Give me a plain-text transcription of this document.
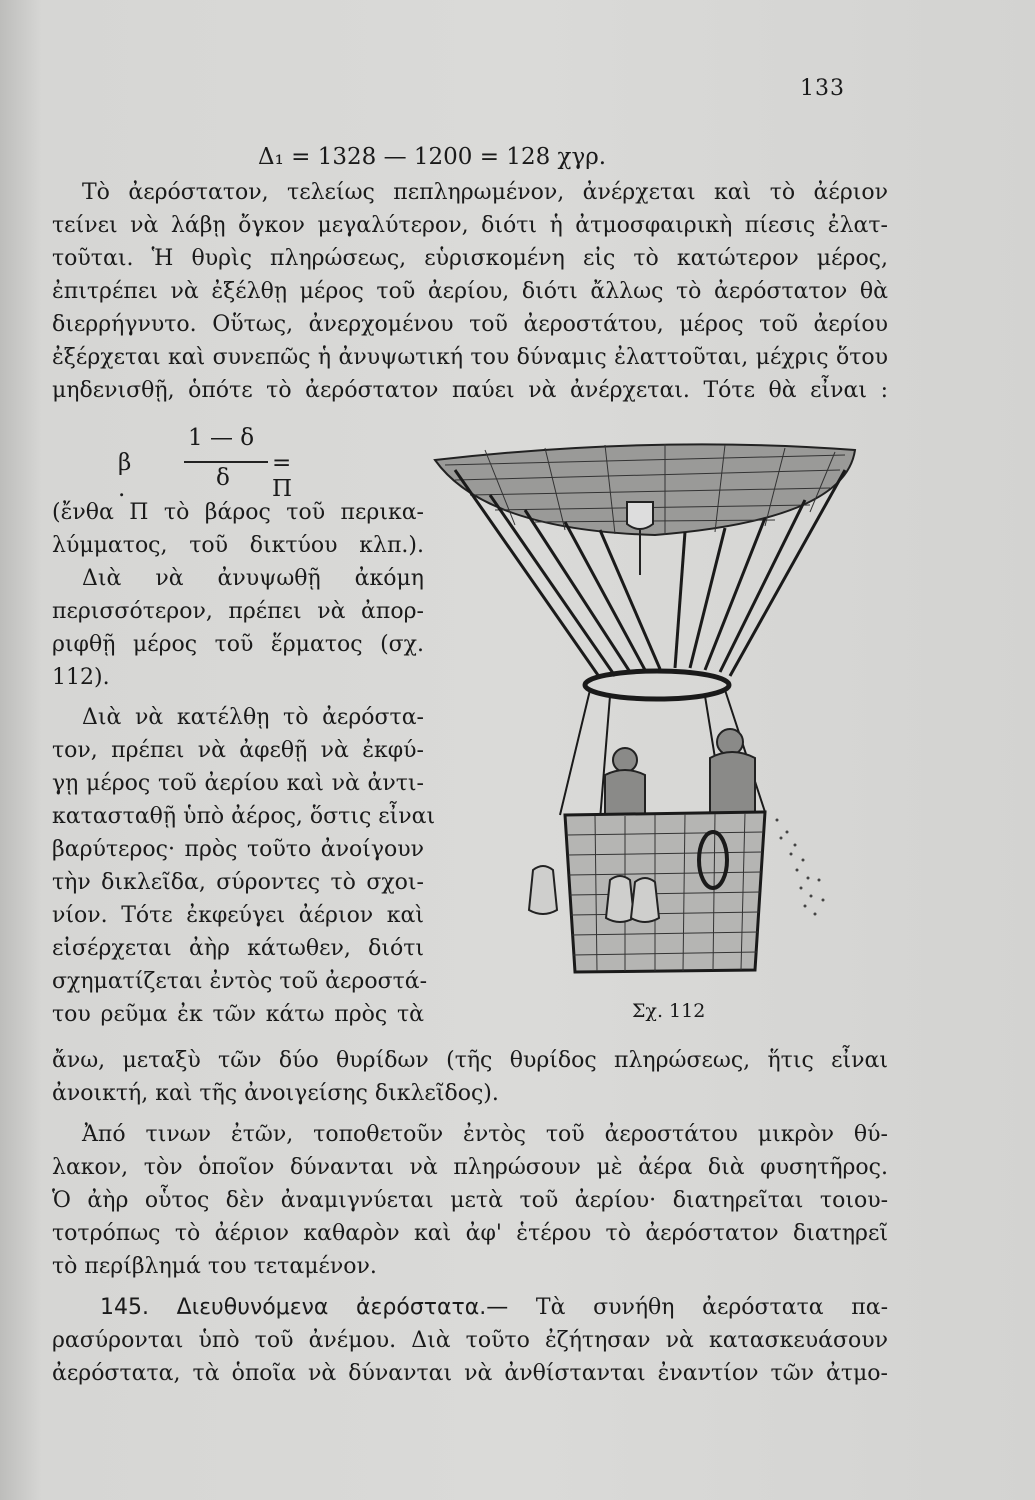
133
Δ₁ = 1328 — 1200 = 128 χγρ.
Τὸ ἀερόστατον, τελείως πεπληρωμένον, ἀνέρχεται καὶ τὸ ἀέριον
τείνει νὰ λάβῃ ὄγκον μεγαλύτερον, διότι ἡ ἀτμοσφαιρικὴ πίεσις ἐλατ-
τοῦται. Ἡ θυρὶς πληρώσεως, εὑρισκομένη εἰς τὸ κατώτερον μέρος,
ἐπιτρέπει νὰ ἐξέλθῃ μέρος τοῦ ἀερίου, διότι ἄλλως τὸ ἀερόστατον θὰ
διερρήγνυτο. Οὕτως, ἀνερχομένου τοῦ ἀεροστάτου, μέρος τοῦ ἀερίου
ἐξέρχεται καὶ συνεπῶς ἡ ἀνυψωτική του δύναμις ἐλαττοῦται, μέχρις ὅτου
μηδενισθῇ, ὁπότε τὸ ἀερόστατον παύει νὰ ἀνέρχεται. Τότε θὰ εἶναι :
β .
1 — δ
δ
= Π
(ἔνθα Π τὸ βάρος τοῦ περικα-
λύμματος, τοῦ δικτύου κλπ.).
Διὰ νὰ ἀνυψωθῇ ἀκόμη
περισσότερον, πρέπει νὰ ἀπορ-
ριφθῇ μέρος τοῦ ἕρματος (σχ.
112).
Διὰ νὰ κατέλθῃ τὸ ἀερόστα-
τον, πρέπει νὰ ἀφεθῇ νὰ ἐκφύ-
γῃ μέρος τοῦ ἀερίου καὶ νὰ ἀντι-
κατασταθῇ ὑπὸ ἀέρος, ὅστις εἶναι
βαρύτερος· πρὸς τοῦτο ἀνοίγουν
τὴν δικλεῖδα, σύροντες τὸ σχοι-
νίον. Τότε ἐκφεύγει ἀέριον καὶ
εἰσέρχεται ἀὴρ κάτωθεν, διότι
σχηματίζεται ἐντὸς τοῦ ἀεροστά-
του ρεῦμα ἐκ τῶν κάτω πρὸς τὰ	Σχ. 112
ἄνω, μεταξὺ τῶν δύο θυρίδων (τῆς θυρίδος πληρώσεως, ἥτις εἶναι
ἀνοικτή, καὶ τῆς ἀνοιγείσης δικλεῖδος).
Ἀπό τινων ἐτῶν, τοποθετοῦν ἐντὸς τοῦ ἀεροστάτου μικρὸν θύ-
λακον, τὸν ὁποῖον δύνανται νὰ πληρώσουν μὲ ἀέρα διὰ φυσητῆρος.
Ὁ ἀὴρ οὗτος δὲν ἀναμιγνύεται μετὰ τοῦ ἀερίου· διατηρεῖται τοιου-
τοτρόπως τὸ ἀέριον καθαρὸν καὶ ἀφ' ἑτέρου τὸ ἀερόστατον διατηρεῖ
τὸ περίβλημά του τεταμένον.
145. Διευθυνόμενα ἀερόστατα.— Τὰ συνήθη ἀερόστατα πα-
ρασύρονται ὑπὸ τοῦ ἀνέμου. Διὰ τοῦτο ἐζήτησαν νὰ κατασκευάσουν
ἀερόστατα, τὰ ὁποῖα νὰ δύνανται νὰ ἀνθίστανται ἐναντίον τῶν ἀτμο-
